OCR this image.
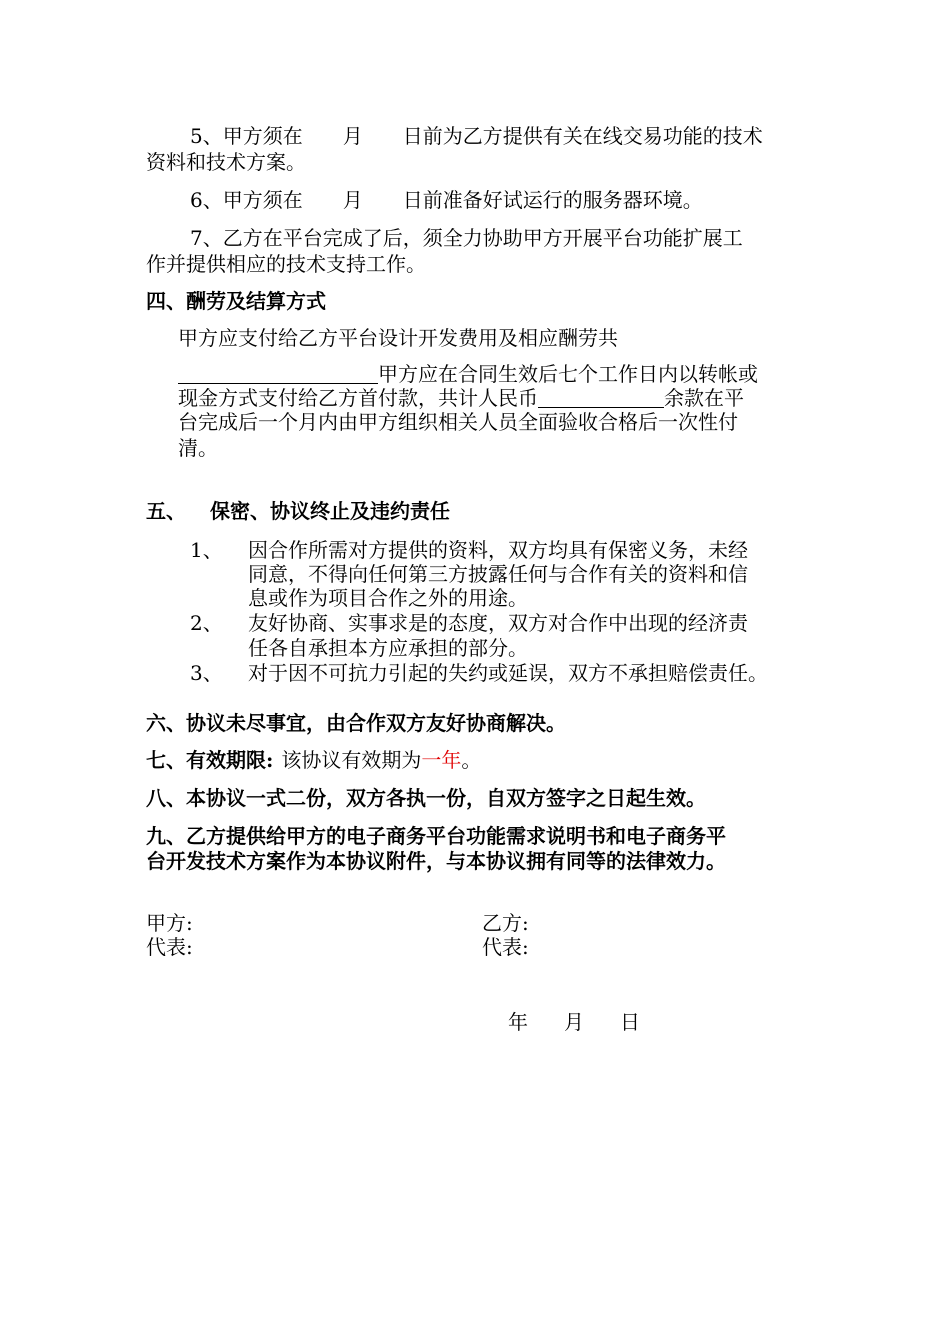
5、甲方须在 月 日前为乙方提供有关在线交易功能的技术
资料和技术方案。
6、甲方须在 月 日前准备好试运行的服务器环境。
7、乙方在平台完成了后，须全力协助甲方开展平台功能扩展工
作并提供相应的技术支持工作。
四、酬劳及结算方式
甲方应支付给乙方平台设计开发费用及相应酬劳共
甲方应在合同生效后七个工作日内以转帐或
现金方式支付给乙方首付款，共计人民币	余款在平
台完成后一个月内由甲方组织相关人员全面验收合格后一次性付
清。
五、 保密、协议终止及违约责任
1、 因合作所需对方提供的资料，双方均具有保密义务，未经
同意，不得向任何第三方披露任何与合作有关的资料和信
息或作为项目合作之外的用途。
2、 友好协商、实事求是的态度，双方对合作中出现的经济责
任各自承担本方应承担的部分。
3、 对于因不可抗力引起的失约或延误，双方不承担赔偿责任。
六、协议未尽事宜，由合作双方友好协商解决。
七、有效期限: 该协议有效期为一年。
八、本协议一式二份，双方各执一份，自双方签字之日起生效。
九、乙方提供给甲方的电子商务平台功能需求说明书和电子商务平
台开发技术方案作为本协议附件，与本协议拥有同等的法律效力。
甲方:
代表:
乙方:
代表:
年 月 日
